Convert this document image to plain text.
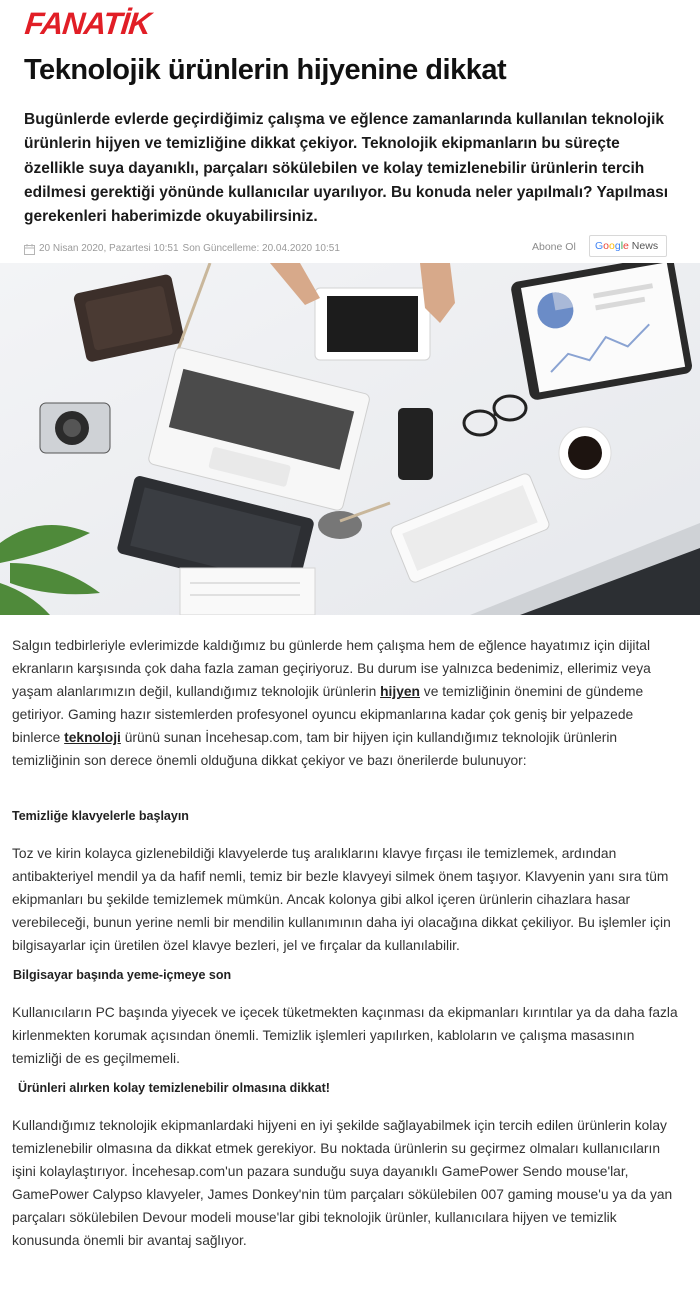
FANATİK
Teknolojik ürünlerin hijyenine dikkat

Bugünlerde evlerde geçirdiğimiz çalışma ve eğlence zamanlarında kullanılan teknolojik ürünlerin hijyen ve temizliğine dikkat çekiyor. Teknolojik ekipmanların bu süreçte özellikle suya dayanıklı, parçaları sökülebilen ve kolay temizlenebilir ürünlerin tercih edilmesi gerektiği yönünde kullanıcılar uyarılıyor. Bu konuda neler yapılmalı? Yapılması gerekenleri haberimizde okuyabilirsiniz.

20 Nisan 2020, Pazartesi 10:51 Son Güncelleme: 20.04.2020 10:51	Abone Ol	Google News
Salgın tedbirleriyle evlerimizde kaldığımız bu günlerde hem çalışma hem de eğlence hayatımız için dijital ekranların karşısında çok daha fazla zaman geçiriyoruz. Bu durum ise yalnızca bedenimiz, ellerimiz veya yaşam alanlarımızın değil, kullandığımız teknolojik ürünlerin hijyen ve temizliğinin önemini de gündeme getiriyor. Gaming hazır sistemlerden profesyonel oyuncu ekipmanlarına kadar çok geniş bir yelpazede binlerce teknoloji ürünü sunan İncehesap.com, tam bir hijyen için kullandığımız teknolojik ürünlerin temizliğinin son derece önemli olduğuna dikkat çekiyor ve bazı önerilerde bulunuyor:
Temizliğe klavyelerle başlayın
Toz ve kirin kolayca gizlenebildiği klavyelerde tuş aralıklarını klavye fırçası ile temizlemek, ardından antibakteriyel mendil ya da hafif nemli, temiz bir bezle klavyeyi silmek önem taşıyor. Klavyenin yanı sıra tüm ekipmanları bu şekilde temizlemek mümkün. Ancak kolonya gibi alkol içeren ürünlerin cihazlara hasar verebileceği, bunun yerine nemli bir mendilin kullanımının daha iyi olacağına dikkat çekiliyor. Bu işlemler için bilgisayarlar için üretilen özel klavye bezleri, jel ve fırçalar da kullanılabilir.
Bilgisayar başında yeme-içmeye son
Kullanıcıların PC başında yiyecek ve içecek tüketmekten kaçınması da ekipmanları kırıntılar ya da daha fazla kirlenmekten korumak açısından önemli. Temizlik işlemleri yapılırken, kabloların ve çalışma masasının temizliği de es geçilmemeli.
Ürünleri alırken kolay temizlenebilir olmasına dikkat!
Kullandığımız teknolojik ekipmanlardaki hijyeni en iyi şekilde sağlayabilmek için tercih edilen ürünlerin kolay temizlenebilir olmasına da dikkat etmek gerekiyor. Bu noktada ürünlerin su geçirmez olmaları kullanıcıların işini kolaylaştırıyor. İncehesap.com'un pazara sunduğu suya dayanıklı GamePower Sendo mouse'lar, GamePower Calypso klavyeler, James Donkey'nin tüm parçaları sökülebilen 007 gaming mouse'u ya da yan parçaları sökülebilen Devour modeli mouse'lar gibi teknolojik ürünler, kullanıcılara hijyen ve temizlik konusunda önemli bir avantaj sağlıyor.
